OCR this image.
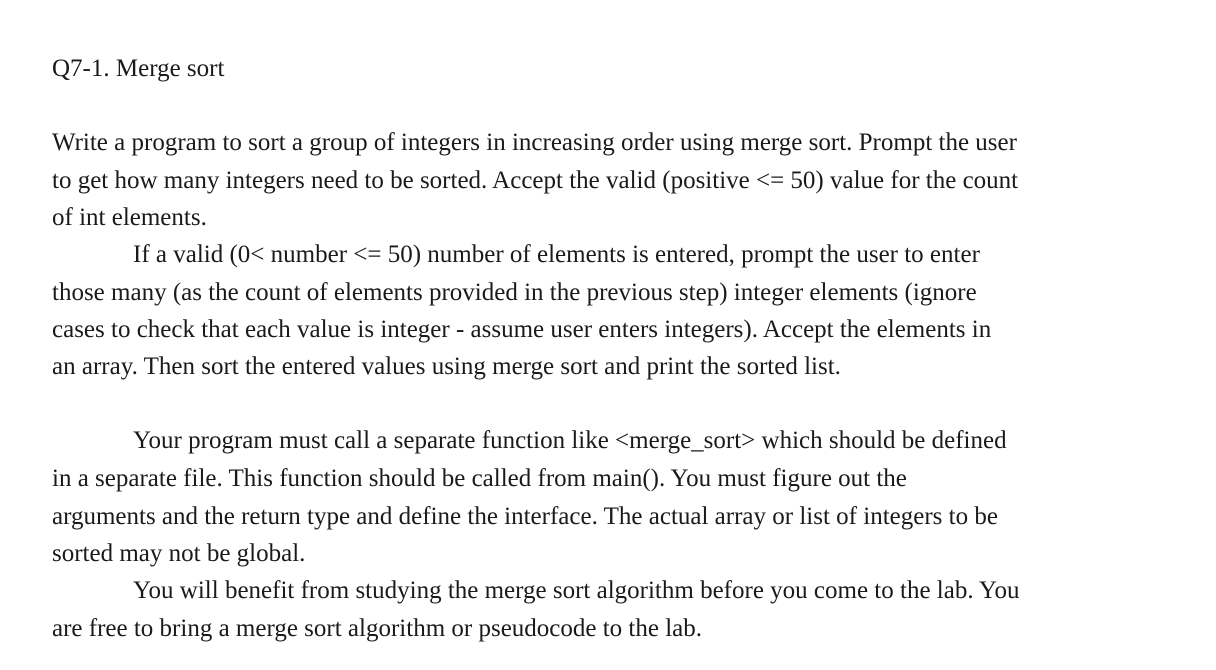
Q7-1. Merge sort
Write a program to sort a group of integers in increasing order using merge sort. Prompt the user
to get how many integers need to be sorted. Accept the valid (positive <= 50) value for the count
of int elements.
If a valid (0< number <= 50) number of elements is entered, prompt the user to enter
those many (as the count of elements provided in the previous step) integer elements (ignore
cases to check that each value is integer - assume user enters integers). Accept the elements in
an array. Then sort the entered values using merge sort and print the sorted list.
Your program must call a separate function like <merge_sort> which should be defined
in a separate file. This function should be called from main(). You must figure out the
arguments and the return type and define the interface. The actual array or list of integers to be
sorted may not be global.
You will benefit from studying the merge sort algorithm before you come to the lab. You
are free to bring a merge sort algorithm or pseudocode to the lab.
